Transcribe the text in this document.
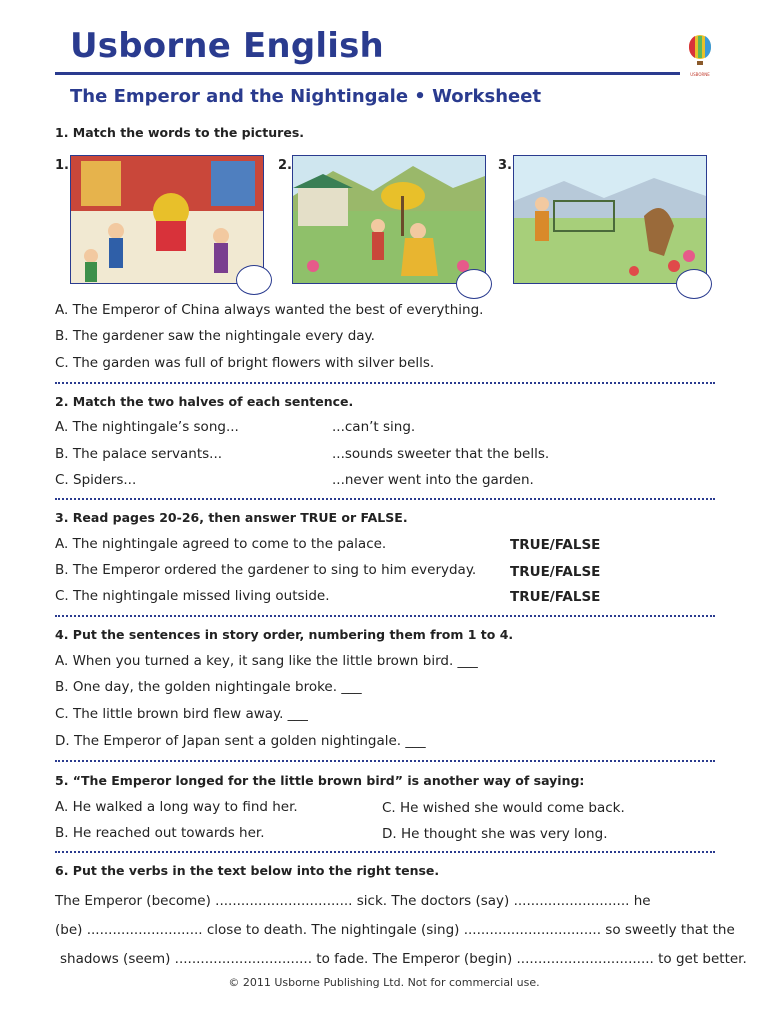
Usborne English
USBORNE
The Emperor and the Nightingale • Worksheet
1. Match the words to the pictures.
1.	2.	3.
A. The Emperor of China always wanted the best of everything.
B. The gardener saw the nightingale every day.
C. The garden was full of bright flowers with silver bells.
2. Match the two halves of each sentence.
A. The nightingale’s song...	...can’t sing.
B. The palace servants...	...sounds sweeter that the bells.
C. Spiders...	...never went into the garden.
3. Read pages 20-26, then answer TRUE or FALSE.
A. The nightingale agreed to come to the palace.	TRUE/FALSE
B. The Emperor ordered the gardener to sing to him everyday.	TRUE/FALSE
C. The nightingale missed living outside.	TRUE/FALSE
4. Put the sentences in story order, numbering them from 1 to 4.
A. When you turned a key, it sang like the little brown bird. ___
B. One day, the golden nightingale broke. ___
C. The little brown bird flew away. ___
D. The Emperor of Japan sent a golden nightingale. ___
5. “The Emperor longed for the little brown bird” is another way of saying:
A. He walked a long way to find her.	C. He wished she would come back.
B. He reached out towards her.	D. He thought she was very long.
6. Put the verbs in the text below into the right tense.
The Emperor (become) ................................ sick. The doctors (say) ........................... he
(be) ........................... close to death. The nightingale (sing) ................................ so sweetly that the
shadows (seem) ................................ to fade. The Emperor (begin) ................................ to get better.
© 2011 Usborne Publishing Ltd. Not for commercial use.
